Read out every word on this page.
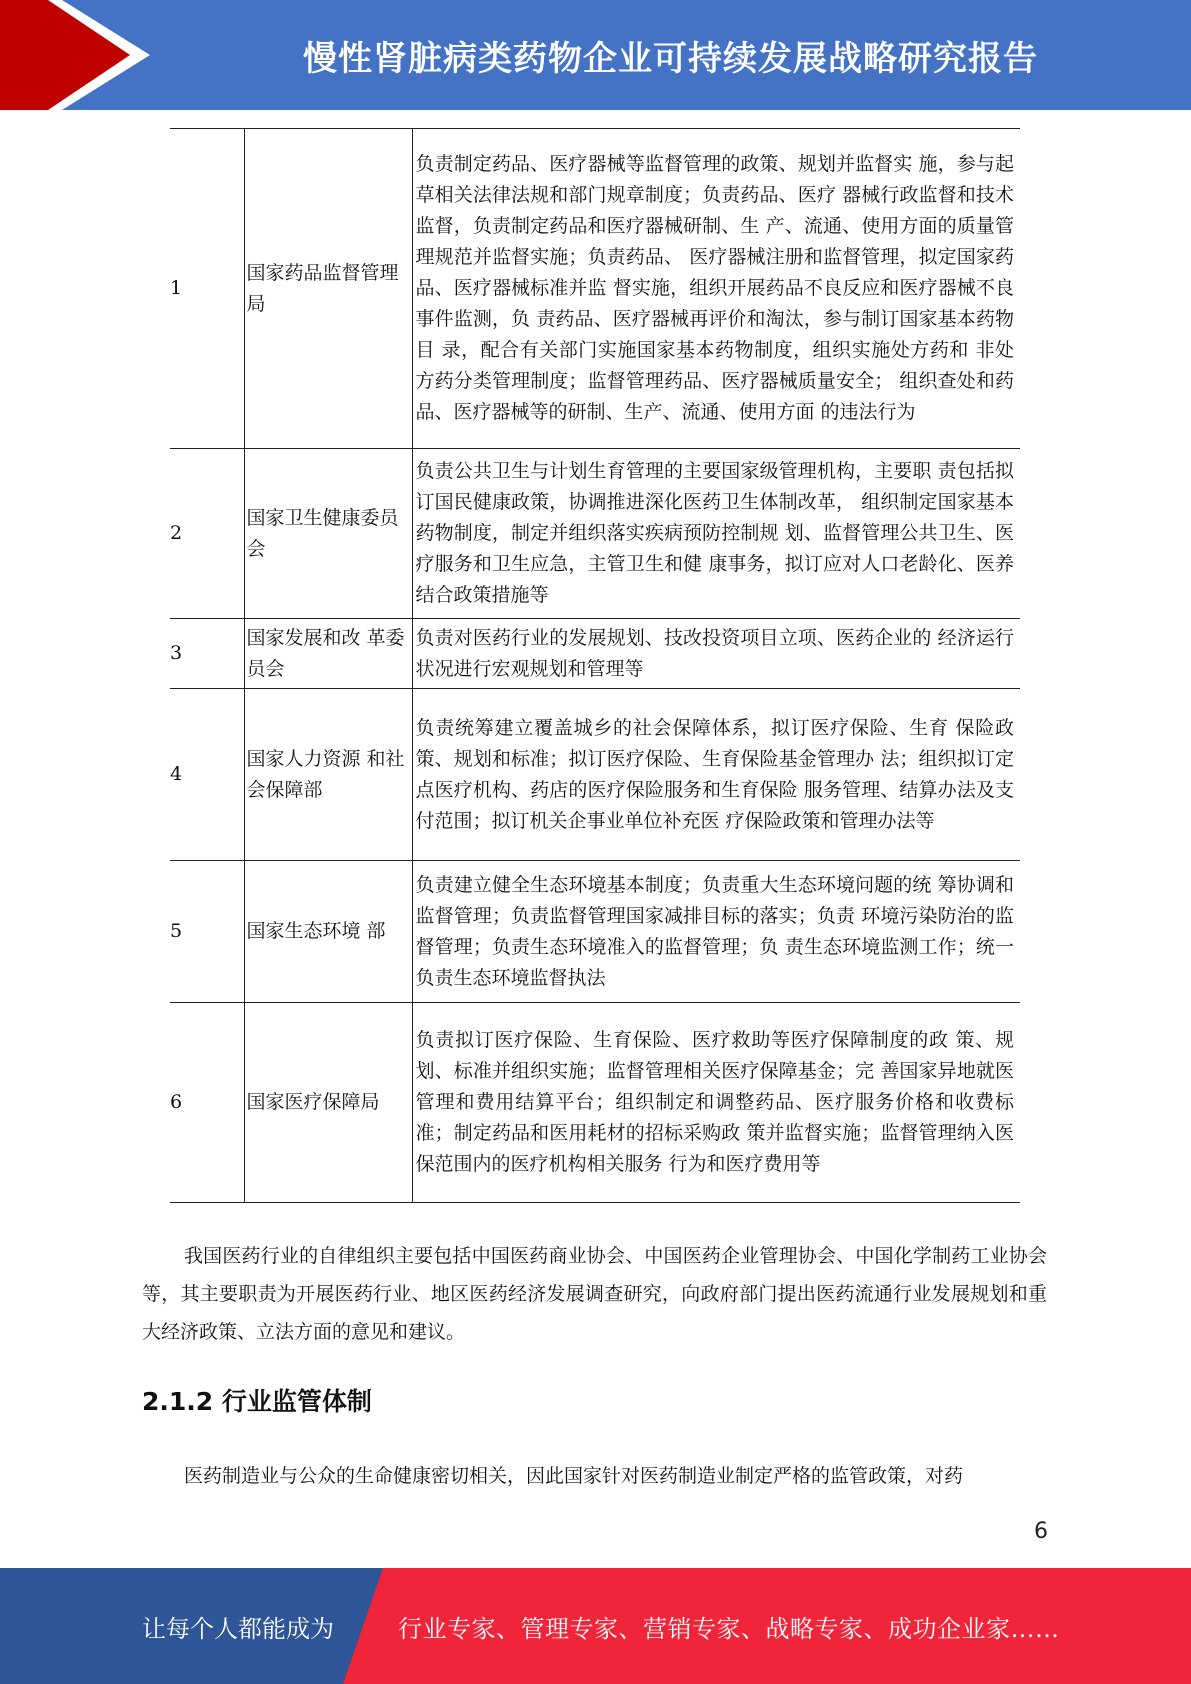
慢性肾脏病类药物企业可持续发展战略研究报告
1	国家药品监督管理局	负责制定药品、医疗器械等监督管理的政策、规划并监督实 施，参与起草相关法律法规和部门规章制度；负责药品、医疗 器械行政监督和技术监督，负责制定药品和医疗器械研制、生 产、流通、使用方面的质量管理规范并监督实施；负责药品、 医疗器械注册和监督管理，拟定国家药品、医疗器械标准并监 督实施，组织开展药品不良反应和医疗器械不良事件监测，负 责药品、医疗器械再评价和淘汰，参与制订国家基本药物目 录，配合有关部门实施国家基本药物制度，组织实施处方药和 非处方药分类管理制度；监督管理药品、医疗器械质量安全； 组织查处和药品、医疗器械等的研制、生产、流通、使用方面 的违法行为
2	国家卫生健康委员会	负责公共卫生与计划生育管理的主要国家级管理机构，主要职 责包括拟订国民健康政策，协调推进深化医药卫生体制改革， 组织制定国家基本药物制度，制定并组织落实疾病预防控制规 划、监督管理公共卫生、医疗服务和卫生应急，主管卫生和健 康事务，拟订应对人口老龄化、医养结合政策措施等
3	国家发展和改 革委员会	负责对医药行业的发展规划、技改投资项目立项、医药企业的 经济运行状况进行宏观规划和管理等
4	国家人力资源 和社会保障部	负责统筹建立覆盖城乡的社会保障体系，拟订医疗保险、生育 保险政策、规划和标准；拟订医疗保险、生育保险基金管理办 法；组织拟订定点医疗机构、药店的医疗保险服务和生育保险 服务管理、结算办法及支付范围；拟订机关企事业单位补充医 疗保险政策和管理办法等
5	国家生态环境 部	负责建立健全生态环境基本制度；负责重大生态环境问题的统 筹协调和监督管理；负责监督管理国家减排目标的落实；负责 环境污染防治的监督管理；负责生态环境准入的监督管理；负 责生态环境监测工作；统一负责生态环境监督执法
6	国家医疗保障局	负责拟订医疗保险、生育保险、医疗救助等医疗保障制度的政 策、规划、标准并组织实施；监督管理相关医疗保障基金；完 善国家异地就医管理和费用结算平台；组织制定和调整药品、医疗服务价格和收费标准；制定药品和医用耗材的招标采购政 策并监督实施；监督管理纳入医保范围内的医疗机构相关服务 行为和医疗费用等

我国医药行业的自律组织主要包括中国医药商业协会、中国医药企业管理协会、中国化学制药工业协会等，其主要职责为开展医药行业、地区医药经济发展调查研究，向政府部门提出医药流通行业发展规划和重大经济政策、立法方面的意见和建议。

2.1.2 行业监管体制

医药制造业与公众的生命健康密切相关，因此国家针对医药制造业制定严格的监管政策，对药

6
让每个人都能成为	行业专家、管理专家、营销专家、战略专家、成功企业家……
